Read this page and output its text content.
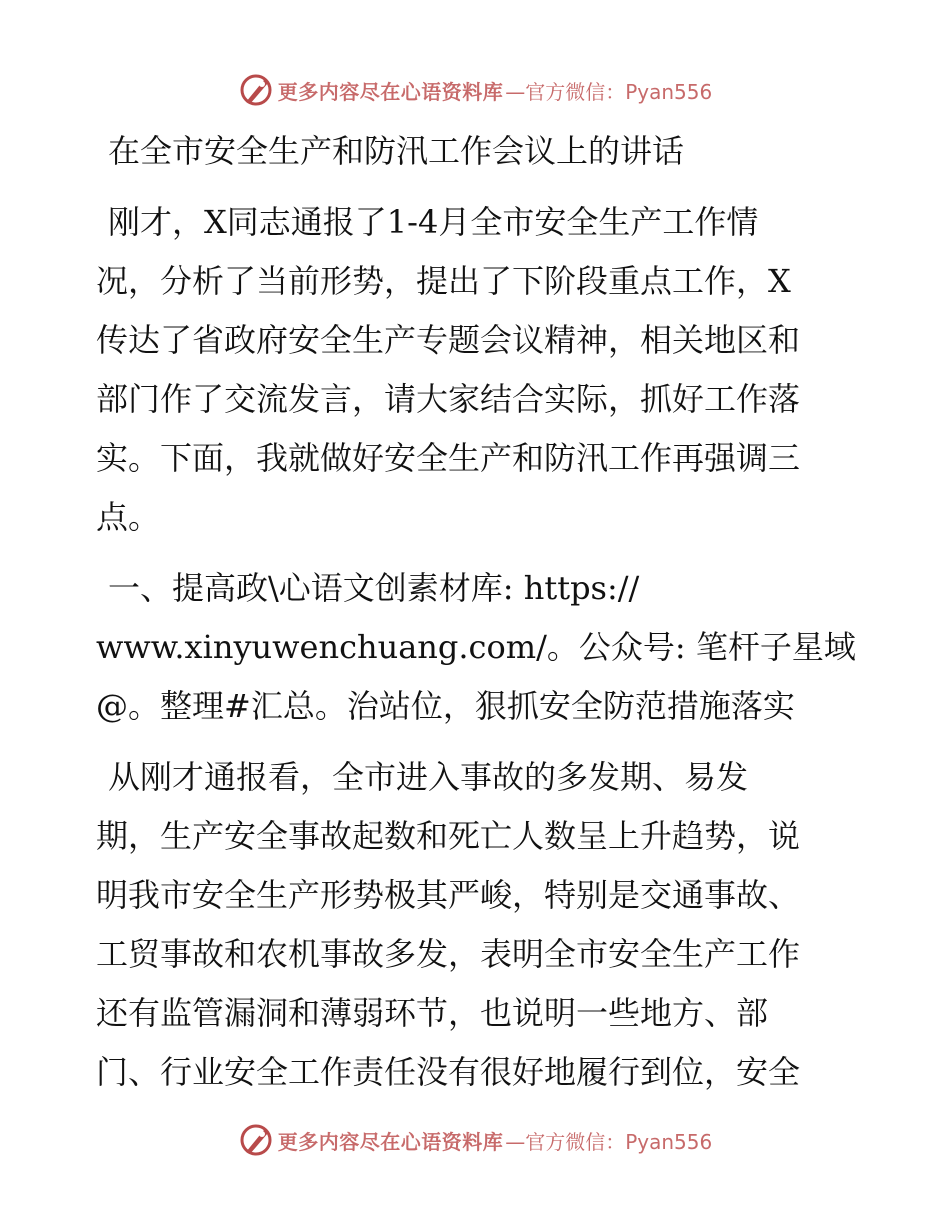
更多内容尽在心语资料库 —官方微信：Pyan556
在全市安全生产和防汛工作会议上的讲话
刚才，X同志通报了1-4月全市安全生产工作情
况，分析了当前形势，提出了下阶段重点工作，X
传达了省政府安全生产专题会议精神，相关地区和
部门作了交流发言，请大家结合实际，抓好工作落
实。下面，我就做好安全生产和防汛工作再强调三
点。
一、提高政\心语文创素材库: https://
www.xinyuwenchuang.com/。公众号: 笔杆子星域
@。整理#汇总。治站位，狠抓安全防范措施落实
从刚才通报看，全市进入事故的多发期、易发
期，生产安全事故起数和死亡人数呈上升趋势，说
明我市安全生产形势极其严峻，特别是交通事故、
工贸事故和农机事故多发，表明全市安全生产工作
还有监管漏洞和薄弱环节，也说明一些地方、部
门、行业安全工作责任没有很好地履行到位，安全
更多内容尽在心语资料库 —官方微信：Pyan556
